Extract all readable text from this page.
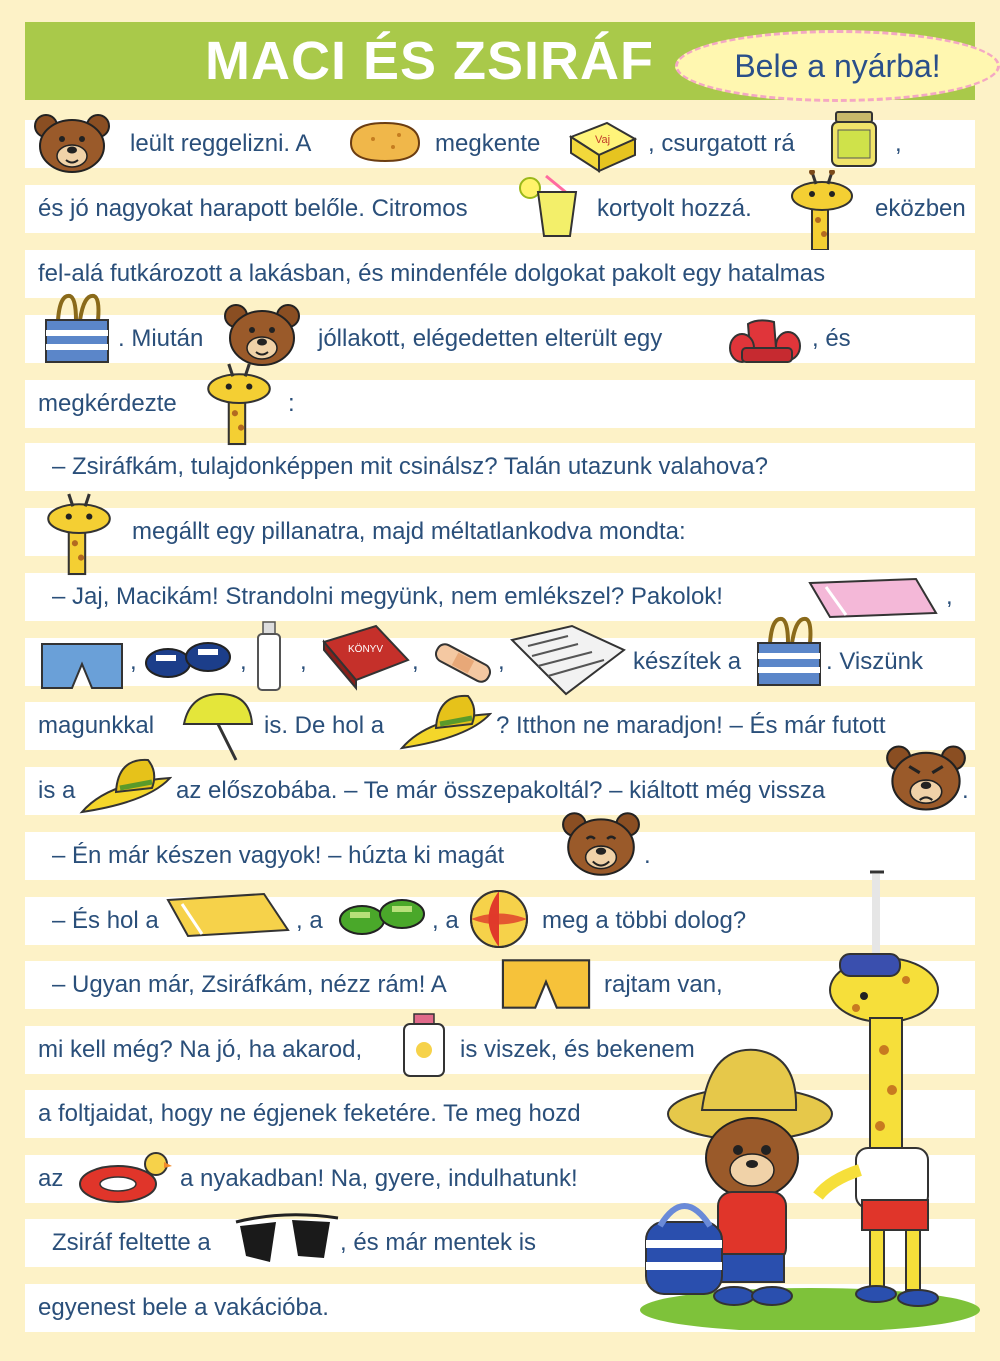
MACI ÉS ZSIRÁF	Bele a nyárba!
leült reggelizni. A	megkente	Vaj , csurgatott rá	,
és jó nagyokat harapott belőle. Citromos	kortyolt hozzá.	eközben
fel-alá futkározott a lakásban, és mindenféle dolgokat pakolt egy hatalmas
. Miután	jóllakott, elégedetten elterült egy	, és
megkérdezte	:
– Zsiráfkám, tulajdonképpen mit csinálsz? Talán utazunk valahova?
megállt egy pillanatra, majd méltatlankodva mondta:
– Jaj, Macikám! Strandolni megyünk, nem emlékszel? Pakolok!	,
,	, ,	KÖNYV ,	,	készítek a	. Viszünk
magunkkal	is. De hol a	? Itthon ne maradjon! – És már futott
is a	az előszobába. – Te már összepakoltál? – kiáltott még vissza	.
– Én már készen vagyok! – húzta ki magát	.
– És hol a	, a	, a	meg a többi dolog?
– Ugyan már, Zsiráfkám, nézz rám! A	rajtam van,
mi kell még? Na jó, ha akarod,	is viszek, és bekenem
a foltjaidat, hogy ne égjenek feketére. Te meg hozd
az	a nyakadban! Na, gyere, indulhatunk!
Zsiráf feltette a	, és már mentek is
egyenest bele a vakációba.
